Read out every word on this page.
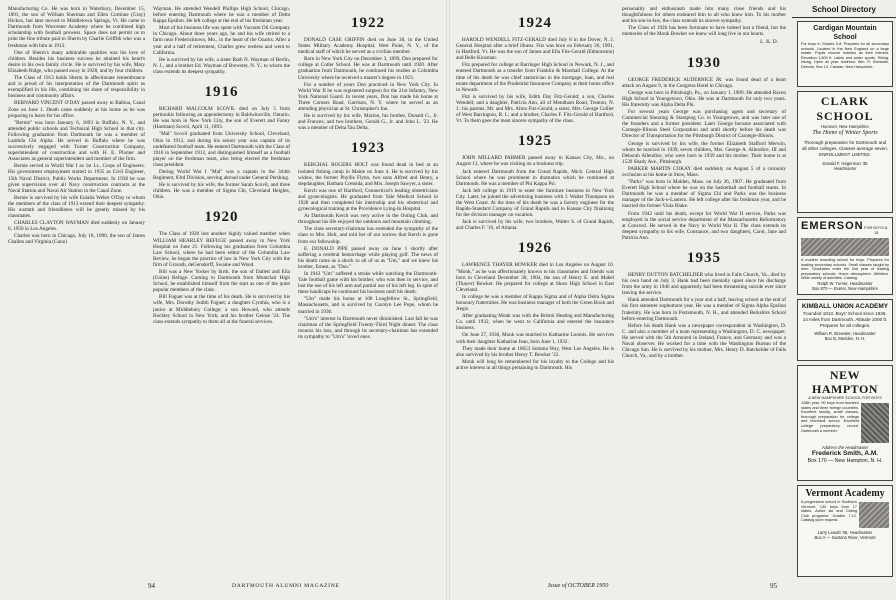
Manufacturing Co. He was born in Waterbury, December 15, 1891, the son of William Sherman and Ellen Cortinne (Gray) Hickox, but later moved to Middletown Springs, Vt. He came to Dartmouth from Worcester Academy where he combined high scholarship with football prowess. Space does not permit us to print the fine tribute paid to Sherm by Charlie Griffith who was a freshman with him in 1913.

One of Sherm's many admirable qualities was his love of children. Besides his business success he attained his heart's desire in his own family circle. He is survived by his wife, Mary Elizabeth Ridge, who passed away in 1928, and by four children.

The Class of 1913 holds Sherm in affectionate remembrance and is proud of his interpretation of the Dartmouth spirit as exemplified in his life, combining his share of responsibility in business and community affairs.

BERNARD VINCENT O'DAY passed away in Balboa, Canal Zone on June 1. Death came suddenly at his home as he was preparing to leave for his office.

"Bernie" was born January 6, 1893 in Buffalo, N. Y., and attended public schools and Technical High School in that city. Following graduation from Dartmouth he was a member of Lambda Chi Alpha. He served in Buffalo where he was successively engaged with Turner Construction Company, superintendent of construction and with H. E. Plumer and Associates as general superintendent and member of the firm.

Bernie served in World War I as 1st Lt., Corps of Engineers. His government employment started in 1935 as Civil Engineer, 15th Naval District, Public Works Department. In 1938 he was given supervision over all Navy construction contracts at the Naval Station and Naval Air Station in the Canal Zone.

Bernie is survived by his wife Eulalia Weber O'Day to whom the members of the class of 1913 extend their deepest sympathy. His warmth and friendliness will be greatly missed by his classmates.

CHARLES CLAYTON WAYMAN died suddenly on January 6, 1950 in Los Angeles.

Charles was born in Chicago, July 18, 1890, the son of James Challen and Virginia (Gano)

Wayman. He attended Wendell Phillips High School, Chicago, before entering Dartmouth where he was a member of Delta Kappa Epsilon. He left college at the end of his freshman year.

Most of his business life was spent with Vacuum Oil Company in Chicago. About three years ago, he and his wife retired to a farm near Fredericktown, Mo., in the heart of the Ozarks. After a year and a half of retirement, Charles grew restless and went to California.

He is survived by his wife, a sister Ruth N. Wayman of Berlin, N. J., and a brother Ed. Wayman of Brewster, N. Y., to whom the class extends its deepest sympathy.

1916

RICHARD MALCOLM SCOVIL died on July 5 from peritonitis following an appendectomy in Baldwinsville, Ontario. He was born in New York City, the son of Everett and Fanny (Hartman) Scovil, April 11, 1893.

"Mal" Scovil graduated from University School, Cleveland, Ohio in 1912, and during his senior year was captain of its undefeated football team. He entered Dartmouth with the Class of 1916 in September 1912, and distinguished himself as a football player on the freshman team, also being elected the freshman class president.

During World War I "Mal" was a captain in the 344th Regiment, 83rd Division, serving abroad under General Pershing.

He is survived by his wife, the former Sarah Scovil, and three children. He was a member of Sigma Chi, Cleveland Heights, Ohio.

1920

The Class of 1920 lost another highly valued member when WILLIAM HEARLEY REFUGE passed away in New York Hospital on June 21. Following his graduation from Columbia Law School, where he had been editor of the Columbia Law Review, he began the practice of law in New York City with the firm of Gravath, deGersdorff, Swaine and Wood.

Bill was a New Yorker by birth, the son of Dallett and Ella (Goine) Refuge. Coming to Dartmouth from Montclair High School, he established himself from the start as one of the quiet popular members of the class.

Bill Fuguet was at the time of his death. He is survived by his wife, Mrs. Dorothy Judith Fuguet; a daughter Cynthia, who is a junior at Middlebury College; a son Howard, who attends Buckley School in New York; and his brother Gelose '24. The class extends sympathy to them all at the funeral services.

1922

DONALD CASE GRIFFIN died on June 30, in the United States Military Academy Hospital, West Point, N. Y., of the medical staff of which he served as a civilian member.

Born in New York City on December 3, 1899, Don prepared for college at Cutler School. He was at Dartmouth until 1920. After graduation from Dartmouth, he continued his studies at Columbia University where he received a master's degree in 1923.

For a number of years Don practiced in New York City. In World War II he was registered surgeon for the 21st Infantry, New York National Guard. In recent years, Don has made his home at Three Corners Road, Garrison, N. Y. where he served as an attending physician at St. Christopher's Inn.

He is survived by his wife, Marion, his brother, Donald G., Jr. and Frances; and two brothers, Gerald G., Jr. and John L. '23. He was a member of Delta Tau Delta.

1923

KERCHAL ROGERS HOLT was found dead in bed at an isolated fishing camp in Maine on June 4. He is survived by his widow, the former Phyllis Flynn, two sons Alfred and Henry, a stepdaughter, Barbara Cressida, and Mrs. Joseph Sawyer, a sister.

Kerch was one of Hartford, Connecticut's leading obstetricians and gynecologists. He graduated from Yale Medical School in 1928 and then completed his internship and his obstetrical and gynecological training at the Providence Lying-In Hospital.

At Dartmouth Kerch was very active in the Outing Club, and throughout his life enjoyed the outdoors and mountain climbing.

The class secretary-chairman has extended the sympathy of the class to Mrs. Holt, and told her of our sorrow that Kerch is gone from our fellowship.

E. DONALD PIPE passed away on June 1 shortly after suffering a cerebral hemorrhage while playing golf. The news of his death came as a shock to all of us as "Um," and we knew his brother, Ernest, as "Don."

In 1943 "Um" suffered a stroke while watching the Dartmouth-Yale football game with his brother, who was then in service, and lost the use of his left arm and partial use of his left leg. In spite of these handicaps he continued his business until his death.

"Um" made his home at 108 Longfellow St., Springfield, Massachusetts, and is survived by Carolyn Lee Pope, whom he married in 1936.

"Um's" interest in Dartmouth never diminished. Last fall he was chairman of the Springfield Twenty-Third Night dinner. The class mourns his loss, and through its secretary-chairman has extended its sympathy to "Um's" loved ones.

94	DARTMOUTH ALUMNI MAGAZINE
1924

HAROLD WENDELL FITZ-GERALD died July 8 in the Dover, N. J. General Hospital after a brief illness. Fitz was born on February 26, 1901, in Hartford, Vt. He was the son of James and Ella Fitz-Gerald (Edmonston) and Belle Kinsman.

Fitz prepared for college at Barringer High School in Newark, N. J., and entered Dartmouth as a transfer from Franklin & Marshall College. At the time of his death he was chief statistician in the mortgage, loan, and real estate department of the Prudential Insurance Company at their home office in Newark.

Fitz is survived by his wife, Edith Day Fitz-Gerald; a son, Charles Wendell; and a daughter, Patricia Ann, all of Mendham Road, Trenton, N. J.; his parents, Mr. and Mrs. Alton Fitz-Gerald; a sister, Mrs. George Collier of West Barrington, R. I.; and a brother, Charles F. Fitz-Gerald of Hartford, Vt. To them goes the most sincere sympathy of the class.

1925

JOHN MILLARD PARMER passed away in Kansas City, Mo., on August 13, where he was visiting on a business trip.

Jack entered Dartmouth from the Grand Rapids, Mich. Central High School where he was prominent in dramatics which he continued at Dartmouth. He was a member of Phi Kappa Psi.

Jack left college in 1919 to enter the furniture business in New York City. Later, he joined the advertising business with J. Walter Thompson on the West Coast. At the time of his death he was a factory engineer for the Rapids-Standard Company of Grand Rapids and in Kansas City finalizing for the division manager on vacation.

Jack is survived by his wife, two brothers, Walter S. of Grand Rapids, and Charles F. '16, of Atlanta.

1926

LAWRENCE THAYER BOWKER died in Los Angeles on August 10. "Monk," as he was affectionately known to his classmates and friends was born in Cleveland December 30, 1904, the son of Henry E. and Mabel (Thayer) Bowker. He prepared for college at Shaw High School in East Cleveland.

In college he was a member of Kappa Sigma and of Alpha Delta Sigma honorary fraternities. He was business manager of both the Green Book and Aegis.

After graduating Monk was with the Bristol Heating and Manufacturing Co. until 1932, when he went to California and entered the insurance business.

On June 27, 1930, Monk was married to Katharine Loomis. He survives with their daughter Katharine Jean, born June 1, 1932.

They made their home at 10653 Somma Way, West Los Angeles. He is also survived by his brother Henry T. Bowker '22.

Monk will long be remembered for his loyalty to the College and his active interest in all things pertaining to Dartmouth. His

personality and enthusiasm made him many close friends and his thoughtfulness for others endeared him to all who knew him. To his mother and his son-in-law, the class extends its sincere sympathy.

The Class of 1926 has been fortunate to have indeed lost a friend, but the memories of the Monk Bowker we knew will long live in our hearts.

L. K. D.
1930

GEORGE FREDERICK AUDERNICE JR. was found dead of a heart attack on August 9, in the Congress Hotel in Chicago.

George was born in Pittsburgh, Pa., on January 1, 1909. He attended Raven High School in Youngstown, Ohio. He was at Dartmouth for only two years. His fraternity was Alpha Delta Phi.

For several years George was purchasing agent and secretary of Commercial Shearing & Stamping Co. in Youngstown, and was later one of the founders and a former president. Later George became associated with Carnegie-Illinois Steel Corporation and until shortly before his death was Director of Transportation for the Pittsburgh District of Carnegie-Illinois.

George is survived by his wife, the former Elizabeth Stafford Merwin, whom he married in 1939; seven children, Mrs. George A. Allendice, III and Deborah Allendice, who were born in 1939 and his mother. Their home is at 1539 Shady Ave., Pittsburgh.

PARKER MARTIN COKAY died suddenly on August 5 of a coronary occlusion at his home in Stow, Mass.

"Parks" was born in Malden, Mass. on July 26, 1907. He graduated from Everett High School where he was on the basketball and football teams. In Dartmouth he was a member of Sigma Chi and Parks was the business manager of the Jack-o-Lantern. He left college after his freshman year, and he married the former Viola Blake.

From 1942 until his death, except for World War II service, Parks was employed in the social service department of the Massachusetts Reformatory at Concord. He served in the Navy in World War II. The class extends its deepest sympathy to his wife, Constance, and two daughters, Carol, Jane and Patricia Ann.

1935

HENRY DUTTON BATCHELDER who lived in Falls Church, Va., died by his own hand on July 3. Hank had been mentally upset since his discharge from the army in 1946 and apparently had been threatening suicide ever since leaving the service.

Hank attended Dartmouth for a year and a half, leaving school at the end of his first semester sophomore year. He was a member of Sigma Alpha Epsilon fraternity. He was born in Portsmouth, N. H., and attended Berkshire School before entering Dartmouth.

Before his death Hank was a newspaper correspondent in Washington, D. C. and also a member of a team representing a Washington, D. C. newspaper. He served with the 5th Armored in Ireland, France, and Germany and was a Naval observer. He worked for a time with the Washington Bureau of the Chicago Sun. He is survived by his mother, Mrs. Henry D. Batchelder of Falls Church, Va., and by a brother.

School Directory
Cardigan Mountain School
For boys in Grades 5-8. Prepares for all secondary schools. Located in the New England on a large estate. Pupils choose hobbies as their interest. Elevation 1,800 ft. Lakes and water sports. Skiing, hiking. Open all year. Address: Wm. R. Brewster, Director, Box 14, Canaan, New Hampshire.
CLARK SCHOOL
Hanover, New Hampshire
The Home of Winter Sports
Thorough preparation for Dartmouth and all other colleges. Classes average seven. ENROLLMENT LIMITED.
Donald F. Hagerman '35
Headmaster
EMERSON FOR BOYS 8-15
A modern boarding school for boys. Prepares for leading secondary schools. Small classes taught by men. Graduates enter the 2nd year of leading preparatory schools. Home atmosphere. Athletics. Wide variety of activities. Catalog.
Ralph W. Turner, Headmaster
Box 870 — Exeter, New Hampshire
KIMBALL UNION ACADEMY
Founded 1813. Boys' School since 1936. 14 miles from Dartmouth. Altitude 1000 ft. Prepares for all colleges.
William R. Brewster, Headmaster
Box B, Meriden, N. H.
NEW HAMPTON
A NEW HAMPSHIRE SCHOOL FOR BOYS
128th year. 90 boys from fourteen states and three foreign countries. Excellent faculty, small classes, thorough preparation for college and technical school. Excellent college preparatory record. Dartmouth a member.
Address the Headmaster
Frederick Smith, A.M.
Box 170 — New Hampton, N. H.
Vermont Academy
A progressive school in Southern Vermont. 130 boys from 17 states. Active ski and Outing Club programs. Grades 7-12. Catalog upon request.
Larry Leavitt '35, Headmaster
Box A — Saxtons River, Vermont
Issue of OCTOBER 1950	95
